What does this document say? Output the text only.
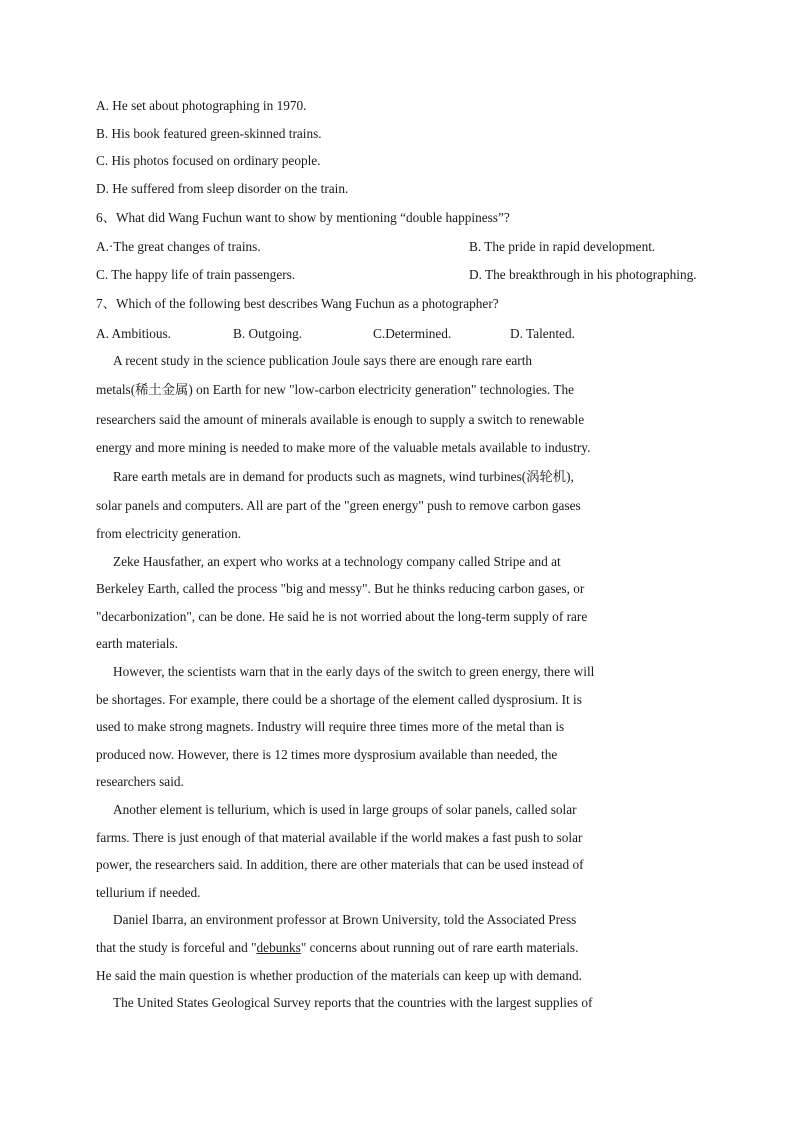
A. He set about photographing in 1970.
B. His book featured green-skinned trains.
C. His photos focused on ordinary people.
D. He suffered from sleep disorder on the train.
6、What did Wang Fuchun want to show by mentioning “double happiness”?
A.·The great changes of trains.	B. The pride in rapid development.
C. The happy life of train passengers.	D. The breakthrough in his photographing.
7、Which of the following best describes Wang Fuchun as a photographer?
A. Ambitious.	B. Outgoing.	C.Determined.	D. Talented.
A recent study in the science publication Joule says there are enough rare earth
metals(稀土金属) on Earth for new "low-carbon electricity generation" technologies. The
researchers said the amount of minerals available is enough to supply a switch to renewable
energy and more mining is needed to make more of the valuable metals available to industry.
Rare earth metals are in demand for products such as magnets, wind turbines(涡轮机),
solar panels and computers. All are part of the "green energy" push to remove carbon gases
from electricity generation.
Zeke Hausfather, an expert who works at a technology company called Stripe and at
Berkeley Earth, called the process "big and messy". But he thinks reducing carbon gases, or
"decarbonization", can be done. He said he is not worried about the long-term supply of rare
earth materials.
However, the scientists warn that in the early days of the switch to green energy, there will
be shortages. For example, there could be a shortage of the element called dysprosium. It is
used to make strong magnets. Industry will require three times more of the metal than is
produced now. However, there is 12 times more dysprosium available than needed, the
researchers said.
Another element is tellurium, which is used in large groups of solar panels, called solar
farms. There is just enough of that material available if the world makes a fast push to solar
power, the researchers said. In addition, there are other materials that can be used instead of
tellurium if needed.
Daniel Ibarra, an environment professor at Brown University, told the Associated Press
that the study is forceful and "debunks" concerns about running out of rare earth materials.
He said the main question is whether production of the materials can keep up with demand.
The United States Geological Survey reports that the countries with the largest supplies of
